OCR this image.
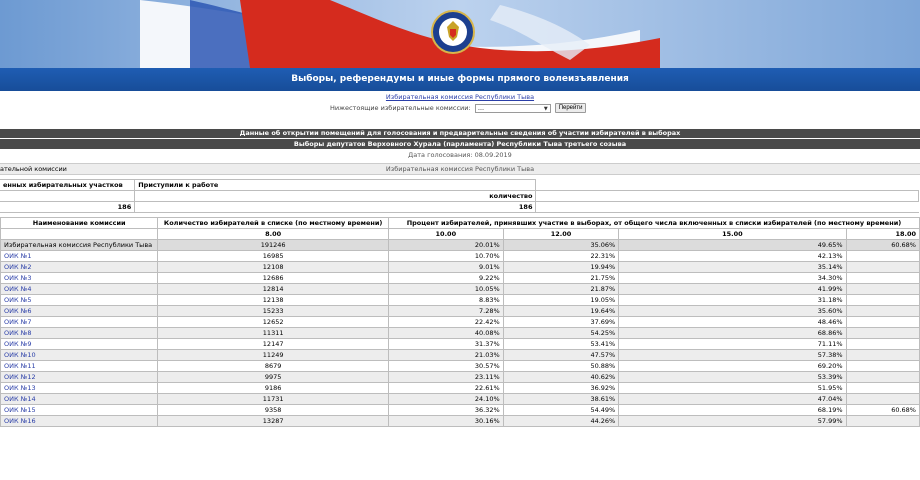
Выборы, референдумы и иные формы прямого волеизъявления
Избирательная комиссия Республики Тыва
Нижестоящие избирательные комиссии:	---	▼	Перейти
Данные об открытии помещений для голосования и предварительные сведения об участии избирателей в выборах
Выборы депутатов Верховного Хурала (парламента) Республики Тыва третьего созыва
Дата голосования: 08.09.2019
ательной комиссии	Избирательная комиссия Республики Тыва
енных избирательных участков	Приступили к работе	
	количество	
186	186	
Наименование комиссии	Количество избирателей в списке (по местному времени)	Процент избирателей, принявших участие в выборах, от общего числа включенных в списки избирателей (по местному времени)			
	8.00	10.00	12.00	15.00	18.00
Избирательная комиссия Республики Тыва	191246	20.01%	35.06%	49.65%	60.68%
ОИК №1	16985	10.70%	22.31%	42.13%	
ОИК №2	12108	9.01%	19.94%	35.14%	
ОИК №3	12686	9.22%	21.75%	34.30%	
ОИК №4	12814	10.05%	21.87%	41.99%	
ОИК №5	12138	8.83%	19.05%	31.18%	
ОИК №6	15233	7.28%	19.64%	35.60%	
ОИК №7	12652	22.42%	37.69%	48.46%	
ОИК №8	11311	40.08%	54.25%	68.86%	
ОИК №9	12147	31.37%	53.41%	71.11%	
ОИК №10	11249	21.03%	47.57%	57.38%	
ОИК №11	8679	30.57%	50.88%	69.20%	
ОИК №12	9975	23.11%	40.62%	53.39%	
ОИК №13	9186	22.61%	36.92%	51.95%	
ОИК №14	11731	24.10%	38.61%	47.04%	
ОИК №15	9358	36.32%	54.49%	68.19%	60.68%
ОИК №16	13287	30.16%	44.26%	57.99%	
